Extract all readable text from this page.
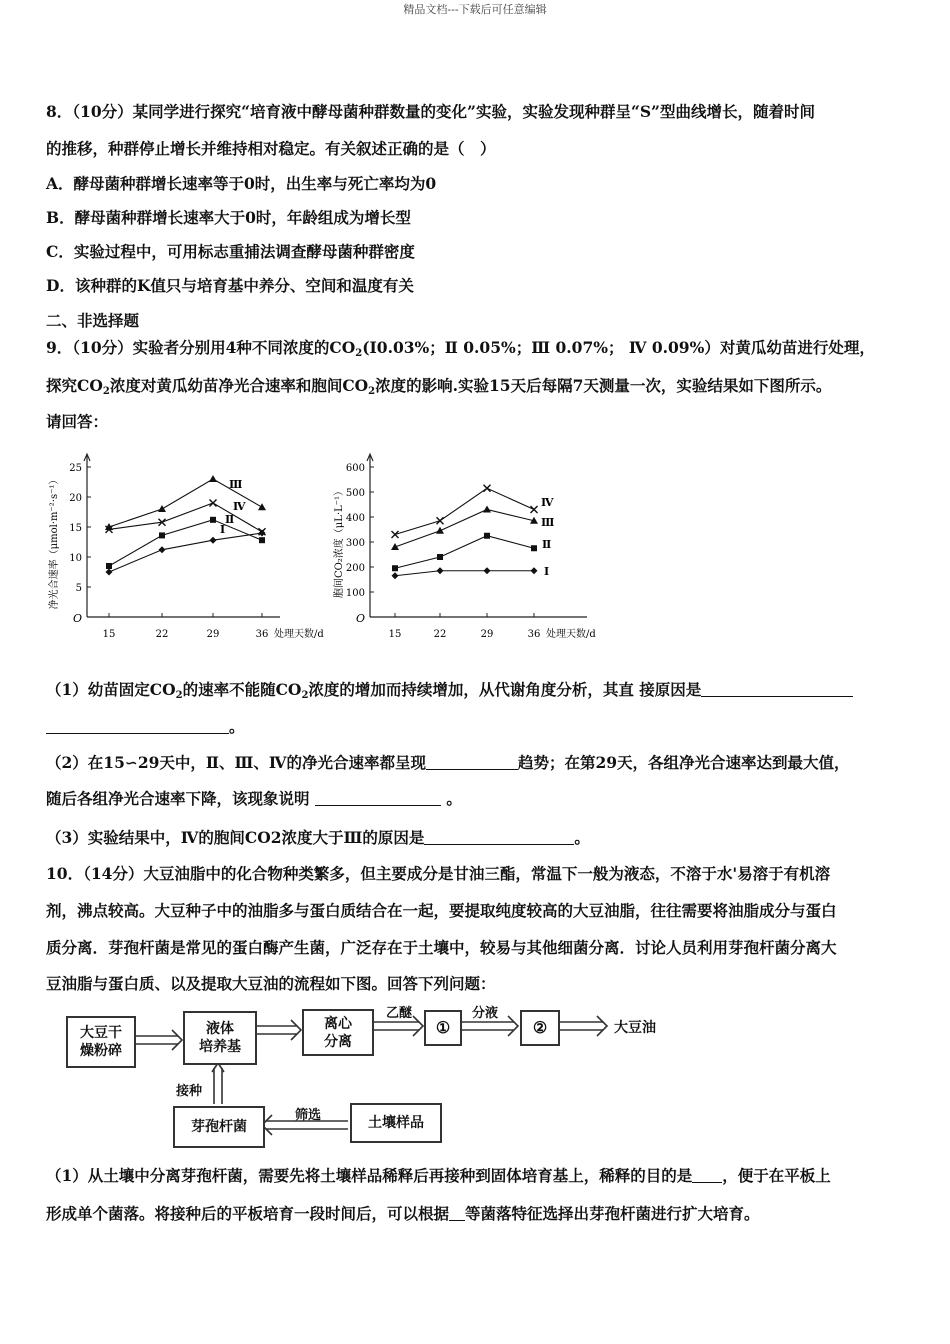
精品文档---下载后可任意编辑
8．（10分）某同学进行探究“培育液中酵母菌种群数量的变化”实验，实验发现种群呈“S”型曲线增长，随着时间
的推移，种群停止增长并维持相对稳定。有关叙述正确的是（　）
A．酵母菌种群增长速率等于0时，出生率与死亡率均为0
B．酵母菌种群增长速率大于0时，年龄组成为增长型
C．实验过程中，可用标志重捕法调查酵母菌种群密度
D．该种群的K值只与培育基中养分、空间和温度有关
二、非选择题
9．（10分）实验者分别用4种不同浓度的$CO_2(Ⅰ0.03\%$；Ⅱ 0.05%；Ⅲ 0.07%； Ⅳ 0.09%）对黄瓜幼苗进行处理，
探究$CO_2$浓度对黄瓜幼苗净光合速率和胞间$CO_2$浓度的影响.实验15天后每隔7天测量一次，实验结果如下图所示。
请回答：
O
5
10
15
20
25
15	22	29	36 处理天数/d
净光合速率（μmol·m⁻²·s⁻¹）	Ⅰ
Ⅱ
Ⅲ
Ⅳ
O
100
200
300
400
500
600
15	22	29	36 处理天数/d
胞间CO₂浓度（μL·L⁻¹）	Ⅰ
Ⅱ
Ⅲ
Ⅳ
（1）幼苗固定$CO_2$的速率不能随$CO_2$浓度的增加而持续增加，从代谢角度分析，其直 接原因是
。
（2）在15∽29天中，Ⅱ、Ⅲ、Ⅳ的净光合速率都呈现	趋势；在第29天，各组净光合速率达到最大值，
随后各组净光合速率下降，该现象说明	。
（3）实验结果中，Ⅳ的胞间CO2浓度大于Ⅲ的原因是	。
10．（14分）大豆油脂中的化合物种类繁多，但主要成分是甘油三酯，常温下一般为液态，不溶于水'易溶于有机溶
剂，沸点较高。大豆种子中的油脂多与蛋白质结合在一起，要提取纯度较高的大豆油脂，往往需要将油脂成分与蛋白
质分离．芽孢杆菌是常见的蛋白酶产生菌，广泛存在于土壤中，较易与其他细菌分离．讨论人员利用芽孢杆菌分离大
豆油脂与蛋白质、以及提取大豆油的流程如下图。回答下列问题：
大豆干
燥粉碎
液体
培养基
离心
分离
①	②
芽孢杆菌	土壤样品
乙醚	分液
大豆油
接种
筛选
（1）从土壤中分离芽孢杆菌，需要先将土壤样品稀释后再接种到固体培育基上，稀释的目的是 ，便于在平板上
形成单个菌落。将接种后的平板培育一段时间后，可以根据 等菌落特征选择出芽孢杆菌进行扩大培育。
